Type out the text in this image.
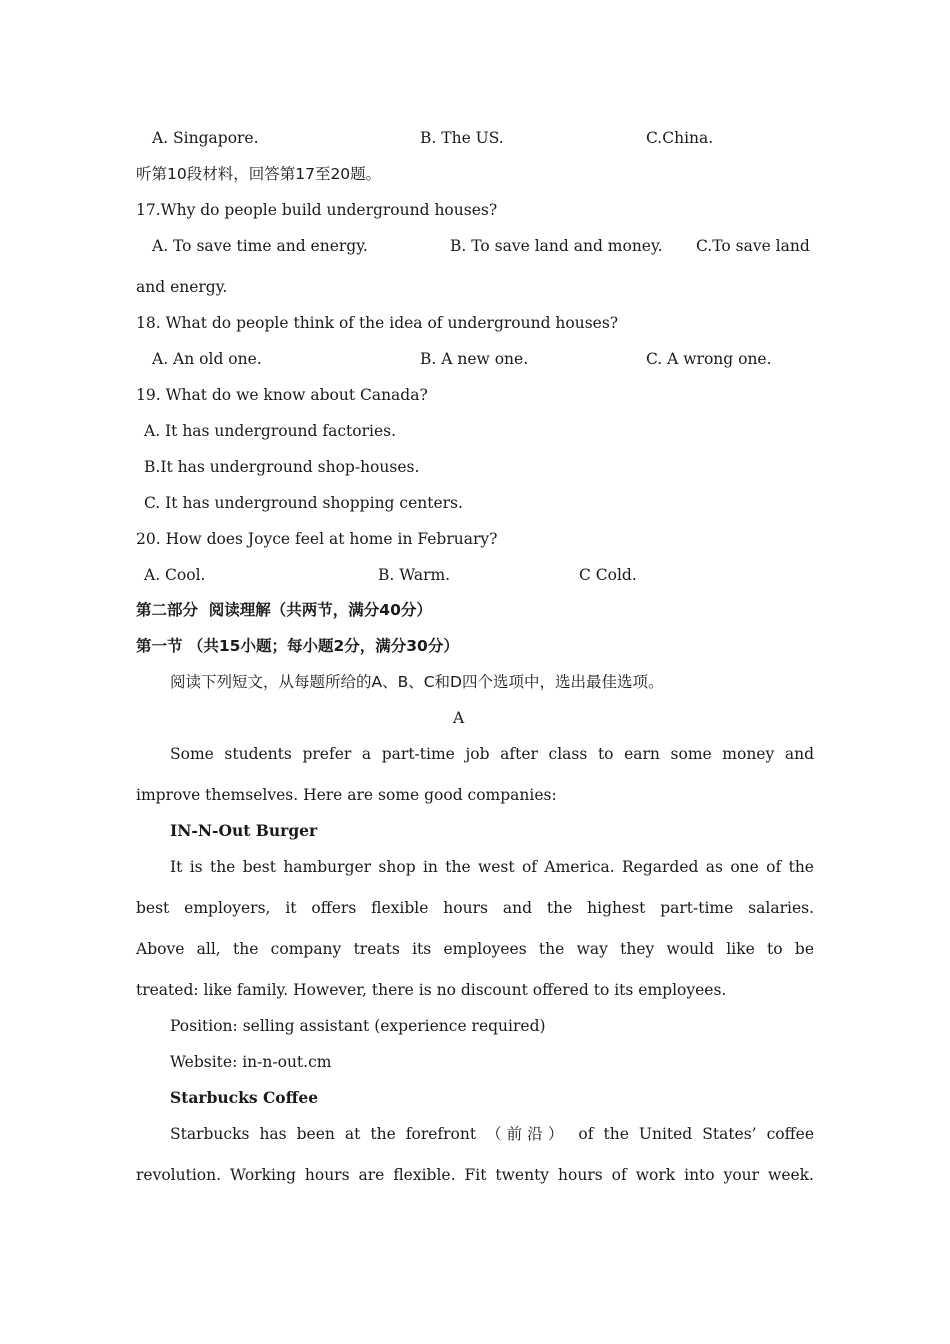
A. Singapore.	B. The US.	C.China.
听第10段材料，回答第17至20题。
17.Why do people build underground houses?
A. To save time and energy.	B. To save land and money. C.To save land
and energy.
18. What do people think of the idea of underground houses?
A. An old one.	B. A new one.	C. A wrong one.
19. What do we know about Canada?
A. It has underground factories.
B.It has underground shop-houses.
C. It has underground shopping centers.
20. How does Joyce feel at home in February?
A. Cool.	B. Warm.	C Cold.
第二部分  阅读理解（共两节，满分40分）
第一节 （共15小题；每小题2分，满分30分）
阅读下列短文，从每题所给的A、B、C和D四个选项中，选出最佳选项。
A
Some students prefer a part-time job after class to earn some money and
improve themselves. Here are some good companies:
IN-N-Out Burger
It is the best hamburger shop in the west of America. Regarded as one of the
best employers, it offers flexible hours and the highest part-time salaries.
Above all, the company treats its employees the way they would like to be
treated: like family. However, there is no discount offered to its employees.
Position: selling assistant (experience required)
Website: in-n-out.cm
Starbucks Coffee
Starbucks has been at the forefront （前沿） of the United States’ coffee
revolution. Working hours are flexible. Fit twenty hours of work into your week.
